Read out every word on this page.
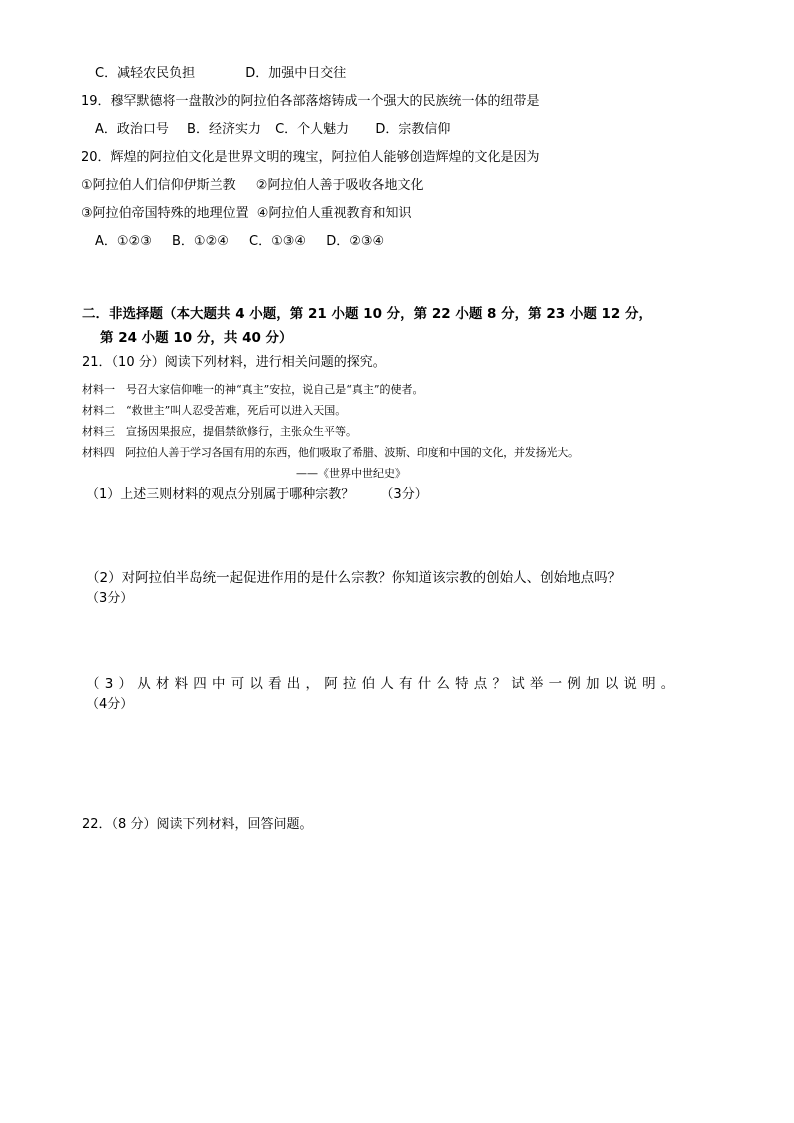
C．减轻农民负担	D．加强中日交往
19．穆罕默德将一盘散沙的阿拉伯各部落熔铸成一个强大的民族统一体的纽带是
A．政治口号 B．经济实力 C．个人魅力 D．宗教信仰
20．辉煌的阿拉伯文化是世界文明的瑰宝，阿拉伯人能够创造辉煌的文化是因为
①阿拉伯人们信仰伊斯兰教 ②阿拉伯人善于吸收各地文化
③阿拉伯帝国特殊的地理位置 ④阿拉伯人重视教育和知识
A．①②③ B．①②④ C．①③④ D．②③④
二．非选择题（本大题共 4 小题，第 21 小题 10 分，第 22 小题 8 分，第 23 小题 12 分，
第 24 小题 10 分，共 40 分）
21．（10 分）阅读下列材料，进行相关问题的探究。
材料一　号召大家信仰唯一的神“真主”安拉，说自己是“真主”的使者。
材料二　“救世主”叫人忍受苦难，死后可以进入天国。
材料三　宣扬因果报应，提倡禁欲修行，主张众生平等。
材料四　阿拉伯人善于学习各国有用的东西，他们吸取了希腊、波斯、印度和中国的文化，并发扬光大。
——《世界中世纪史》
（1）上述三则材料的观点分别属于哪种宗教？ （3分）
（2）对阿拉伯半岛统一起促进作用的是什么宗教？你知道该宗教的创始人、创始地点吗？
（3分）
（3）从材料四中可以看出，阿拉伯人有什么特点？试举一例加以说明。
（4分）
22．（8 分）阅读下列材料，回答问题。
